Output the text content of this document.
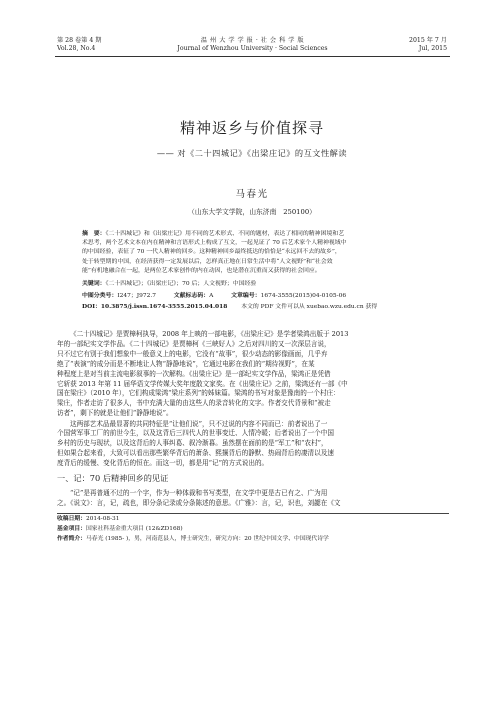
第 28 卷第 4 期
Vol.28, No.4
温 州 大 学 学 报 · 社 会 科 学 版
Journal of Wenzhou University · Social Sciences
2015 年 7 月
Jul, 2015
精神返乡与价值探寻
—— 对《二十四城记》《出梁庄记》的互文性解读
马春光
（山东大学文学院，山东济南　250100）
摘　要：《二十四城记》和《出梁庄记》用不同的艺术形式、不同的题材，表达了相同的精神困境和艺
术思考，两个艺术文本在内在精神和言语形式上构成了互文，一起见证了 70 后艺术家个人精神视域中
的中国经验，表征了 70 一代人精神的回乡。这种精神回乡最终抵达的恰恰是“永远回不去的故乡”，
处于转型期的中国，在经济获得一定发展以后，怎样真正地在日常生活中将“人文视野”和“社会效
能”有机地融合在一起，是两位艺术家创作的内在动因，也是潜在沉重而又获得的社会回应。
关键词：《二十四城记》；《出梁庄记》；70 后；人文视野；中国经验
中图分类号：I247；J972.7	文献标志码：A	文章编号：1674-3555(2015)04-0105-06
DOI：10.3875/j.issn.1674-3555.2015.04.018 本文的 PDF 文件可以从 xuebao.wzu.edu.cn 获得
《二十四城记》是贾樟柯执导，2008 年上映的一部电影，《出梁庄记》是学者梁鸿出版于 2013
年的一部纪实文学作品。《二十四城记》是贾樟柯《三峡好人》之后对四川的又一次深层言说，
只不过它有别于我们想象中一般意义上的电影，它没有“故事”，很少动态的影像画面，几乎弃
绝了“表演”的成分而是不断地让人物“静静地说”，它通过电影在我们的“期待视野”，在某
种程度上是对当前主流电影叙事的一次解构。《出梁庄记》是一部纪实文学作品，梁鸿正是凭借
它斩获 2013 年第 11 届华语文学传媒大奖年度散文家奖。在《出梁庄记》之前，梁鸿还有一部《中
国在梁庄》（2010 年），它们构成梁鸿“梁庄系列”的姊妹篇。梁鸿的书写对象是豫南的一个村庄：
梁庄，作者走访了很多人，书中充满大量的由这些人的录音转化的文字。作者交代背景和“被走
访者”，剩下的就是让他们“静静地说”。
这两部艺术品最显著的共同特征是“让他们说”，只不过说的内容不同而已：前者说出了一
个国营军事工厂的前世今生，以及这背后三四代人的世事变迁、人情冷暖；后者说出了一个中国
乡村的历史与现状，以及这背后的人事纠葛、叙冷渐暮。虽然摆在面前的是“军工”和“农村”，
但如果合起来看，大致可以看出那些繁华背后的萧条、熙攘背后的静默、热闹背后的凄清以及速
度背后的缓慢、变化背后的恒在。而这一切，都是用“记”的方式说出的。
一、记：70 后精神回乡的见证
“记”是再普通不过的一个字，作为一种体裁和书写类型，在文学中更是古已有之、广为用
之。《说文》：言，记，疏也，即分条记录或分条陈述的意思。《广雅》：言，记，识也，刘勰在《文
收稿日期：2014-08-31
基金项目：国家社科基金重大项目 (12&ZD168)
作者简介：马春光 (1985- )，男，河南范县人，博士研究生，研究方向：20 世纪中国文学、中国现代诗学
